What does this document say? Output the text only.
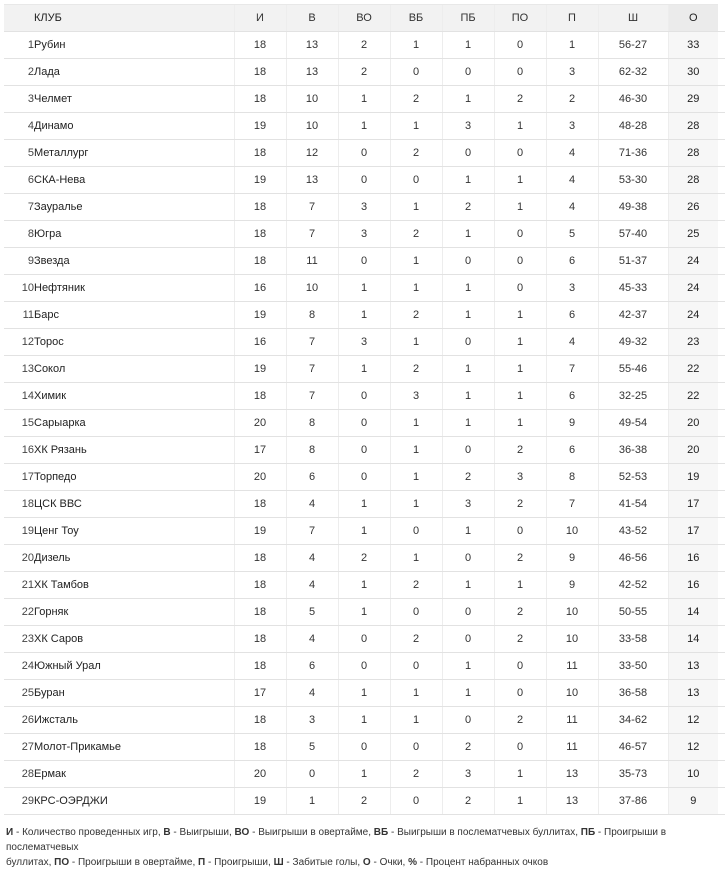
	КЛУБ	И	В	ВО	ВБ	ПБ	ПО	П	Ш	О	
1	Рубин	18	13	2	1	1	0	1	56-27	33	
2	Лада	18	13	2	0	0	0	3	62-32	30	
3	Челмет	18	10	1	2	1	2	2	46-30	29	
4	Динамо	19	10	1	1	3	1	3	48-28	28	
5	Металлург	18	12	0	2	0	0	4	71-36	28	
6	СКА-Нева	19	13	0	0	1	1	4	53-30	28	
7	Зауралье	18	7	3	1	2	1	4	49-38	26	
8	Югра	18	7	3	2	1	0	5	57-40	25	
9	Звезда	18	11	0	1	0	0	6	51-37	24	
10	Нефтяник	16	10	1	1	1	0	3	45-33	24	
11	Барс	19	8	1	2	1	1	6	42-37	24	
12	Торос	16	7	3	1	0	1	4	49-32	23	
13	Сокол	19	7	1	2	1	1	7	55-46	22	
14	Химик	18	7	0	3	1	1	6	32-25	22	
15	Сарыарка	20	8	0	1	1	1	9	49-54	20	
16	ХК Рязань	17	8	0	1	0	2	6	36-38	20	
17	Торпедо	20	6	0	1	2	3	8	52-53	19	
18	ЦСК ВВС	18	4	1	1	3	2	7	41-54	17	
19	Ценг Тоу	19	7	1	0	1	0	10	43-52	17	
20	Дизель	18	4	2	1	0	2	9	46-56	16	
21	ХК Тамбов	18	4	1	2	1	1	9	42-52	16	
22	Горняк	18	5	1	0	0	2	10	50-55	14	
23	ХК Саров	18	4	0	2	0	2	10	33-58	14	
24	Южный Урал	18	6	0	0	1	0	11	33-50	13	
25	Буран	17	4	1	1	1	0	10	36-58	13	
26	Ижсталь	18	3	1	1	0	2	11	34-62	12	
27	Молот-Прикамье	18	5	0	0	2	0	11	46-57	12	
28	Ермак	20	0	1	2	3	1	13	35-73	10	
29	КРС-ОЭРДЖИ	19	1	2	0	2	1	13	37-86	9	
И - Количество проведенных игр, В - Выигрыши, ВО - Выигрыши в овертайме, ВБ - Выигрыши в послематчевых буллитах, ПБ - Проигрыши в послематчевых
буллитах, ПО - Проигрыши в овертайме, П - Проигрыши, Ш - Забитые голы, О - Очки, % - Процент набранных очков
